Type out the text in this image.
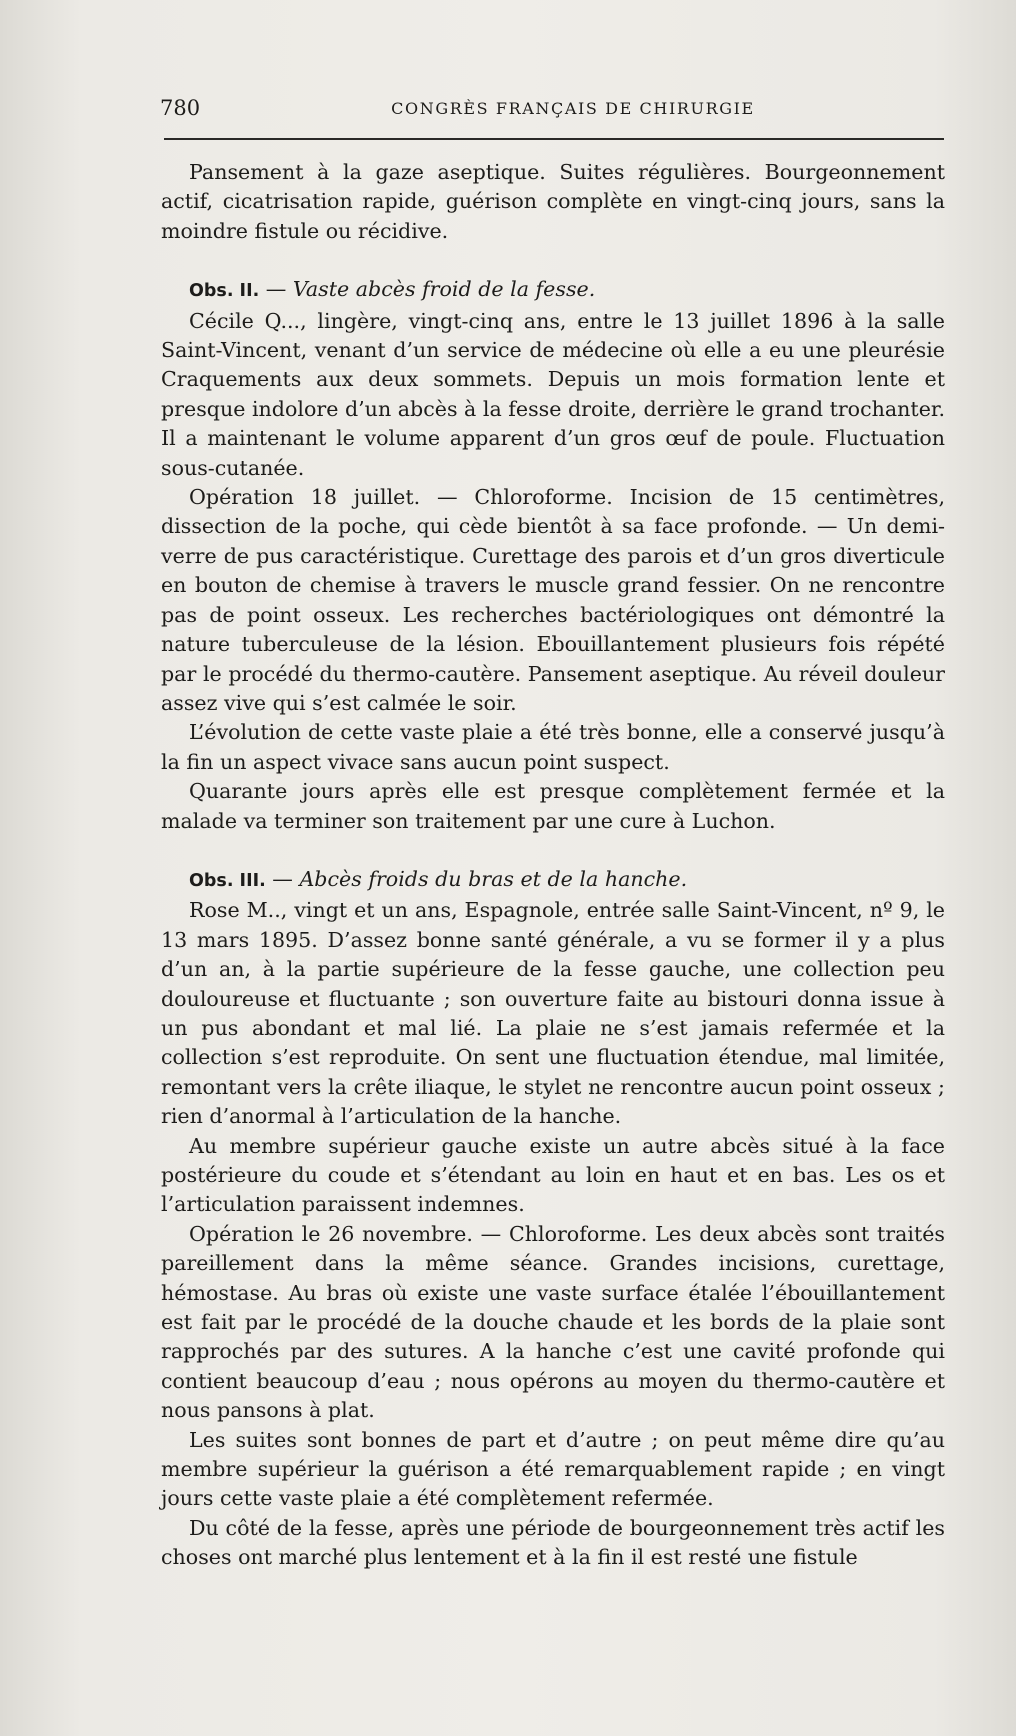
780	CONGRÈS FRANÇAIS DE CHIRURGIE

Pansement à la gaze aseptique. Suites régulières. Bourgeonnement actif, cicatrisation rapide, guérison complète en vingt-cinq jours, sans la moindre fistule ou récidive.

Obs. II. — Vaste abcès froid de la fesse.

Cécile Q..., lingère, vingt-cinq ans, entre le 13 juillet 1896 à la salle Saint-Vincent, venant d’un service de médecine où elle a eu une pleurésie Craquements aux deux sommets. Depuis un mois formation lente et presque indolore d’un abcès à la fesse droite, derrière le grand trochanter. Il a maintenant le volume apparent d’un gros œuf de poule. Fluctuation sous-cutanée.

Opération 18 juillet. — Chloroforme. Incision de 15 centimètres, dissection de la poche, qui cède bientôt à sa face profonde. — Un demi-verre de pus caractéristique. Curettage des parois et d’un gros diverticule en bouton de chemise à travers le muscle grand fessier. On ne rencontre pas de point osseux. Les recherches bactériologiques ont démontré la nature tuberculeuse de la lésion. Ebouillantement plusieurs fois répété par le procédé du thermo-cautère. Pansement aseptique. Au réveil douleur assez vive qui s’est calmée le soir.

L’évolution de cette vaste plaie a été très bonne, elle a conservé jusqu’à la fin un aspect vivace sans aucun point suspect.

Quarante jours après elle est presque complètement fermée et la malade va terminer son traitement par une cure à Luchon.

Obs. III. — Abcès froids du bras et de la hanche.

Rose M.., vingt et un ans, Espagnole, entrée salle Saint-Vincent, nº 9, le 13 mars 1895. D’assez bonne santé générale, a vu se former il y a plus d’un an, à la partie supérieure de la fesse gauche, une collection peu douloureuse et fluctuante ; son ouverture faite au bistouri donna issue à un pus abondant et mal lié. La plaie ne s’est jamais refermée et la collection s’est reproduite. On sent une fluctuation étendue, mal limitée, remontant vers la crête iliaque, le stylet ne rencontre aucun point osseux ; rien d’anormal à l’articulation de la hanche.

Au membre supérieur gauche existe un autre abcès situé à la face postérieure du coude et s’étendant au loin en haut et en bas. Les os et l’articulation paraissent indemnes.

Opération le 26 novembre. — Chloroforme. Les deux abcès sont traités pareillement dans la même séance. Grandes incisions, curettage, hémostase. Au bras où existe une vaste surface étalée l’ébouillantement est fait par le procédé de la douche chaude et les bords de la plaie sont rapprochés par des sutures. A la hanche c’est une cavité profonde qui contient beaucoup d’eau ; nous opérons au moyen du thermo-cautère et nous pansons à plat.

Les suites sont bonnes de part et d’autre ; on peut même dire qu’au membre supérieur la guérison a été remarquablement rapide ; en vingt jours cette vaste plaie a été complètement refermée.

Du côté de la fesse, après une période de bourgeonnement très actif les choses ont marché plus lentement et à la fin il est resté une fistule
